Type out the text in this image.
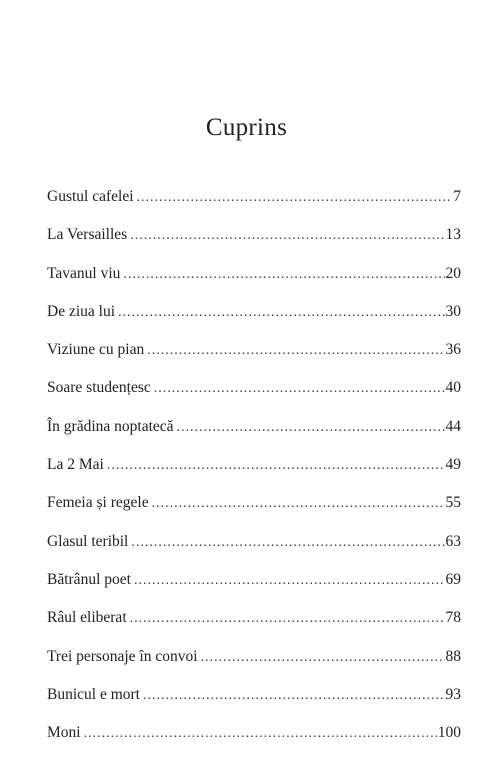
Cuprins
Gustul cafelei .....	7
La Versailles .....	13
Tavanul viu .....	20
De ziua lui .....	30
Viziune cu pian .....	36
Soare studențesc .....	40
În grădina noptatecă .....	44
La 2 Mai .....	49
Femeia și regele .....	55
Glasul teribil .....	63
Bătrânul poet .....	69
Râul eliberat .....	78
Trei personaje în convoi .....	88
Bunicul e mort .....	93
Moni .....	100
